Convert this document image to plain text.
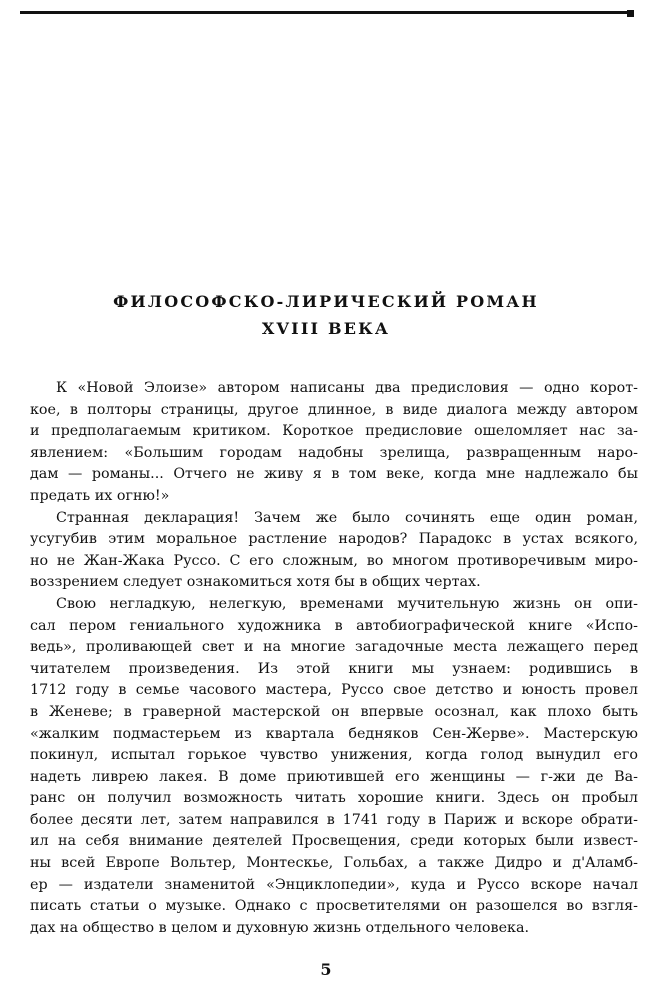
ФИЛОСОФСКО-ЛИРИЧЕСКИЙ РОМАН
XVIII ВЕКА

К «Новой Элоизе» автором написаны два предисловия — одно корот-
кое, в полторы страницы, другое длинное, в виде диалога между автором
и предполагаемым критиком. Короткое предисловие ошеломляет нас за-
явлением: «Большим городам надобны зрелища, развращенным наро-
дам — романы... Отчего не живу я в том веке, когда мне надлежало бы
предать их огню!»

Странная декларация! Зачем же было сочинять еще один роман,
усугубив этим моральное растление народов? Парадокс в устах всякого,
но не Жан-Жака Руссо. С его сложным, во многом противоречивым миро-
воззрением следует ознакомиться хотя бы в общих чертах.

Свою негладкую, нелегкую, временами мучительную жизнь он опи-
сал пером гениального художника в автобиографической книге «Испо-
ведь», проливающей свет и на многие загадочные места лежащего перед
читателем произведения. Из этой книги мы узнаем: родившись в
1712 году в семье часового мастера, Руссо свое детство и юность провел
в Женеве; в граверной мастерской он впервые осознал, как плохо быть
«жалким подмастерьем из квартала бедняков Сен-Жерве». Мастерскую
покинул, испытал горькое чувство унижения, когда голод вынудил его
надеть ливрею лакея. В доме приютившей его женщины — г-жи де Ва-
ранс он получил возможность читать хорошие книги. Здесь он пробыл
более десяти лет, затем направился в 1741 году в Париж и вскоре обрати-
ил на себя внимание деятелей Просвещения, среди которых были извест-
ны всей Европе Вольтер, Монтескье, Гольбах, а также Дидро и д'Аламб-
ер — издатели знаменитой «Энциклопедии», куда и Руссо вскоре начал
писать статьи о музыке. Однако с просветителями он разошелся во взгля-
дах на общество в целом и духовную жизнь отдельного человека.

5
